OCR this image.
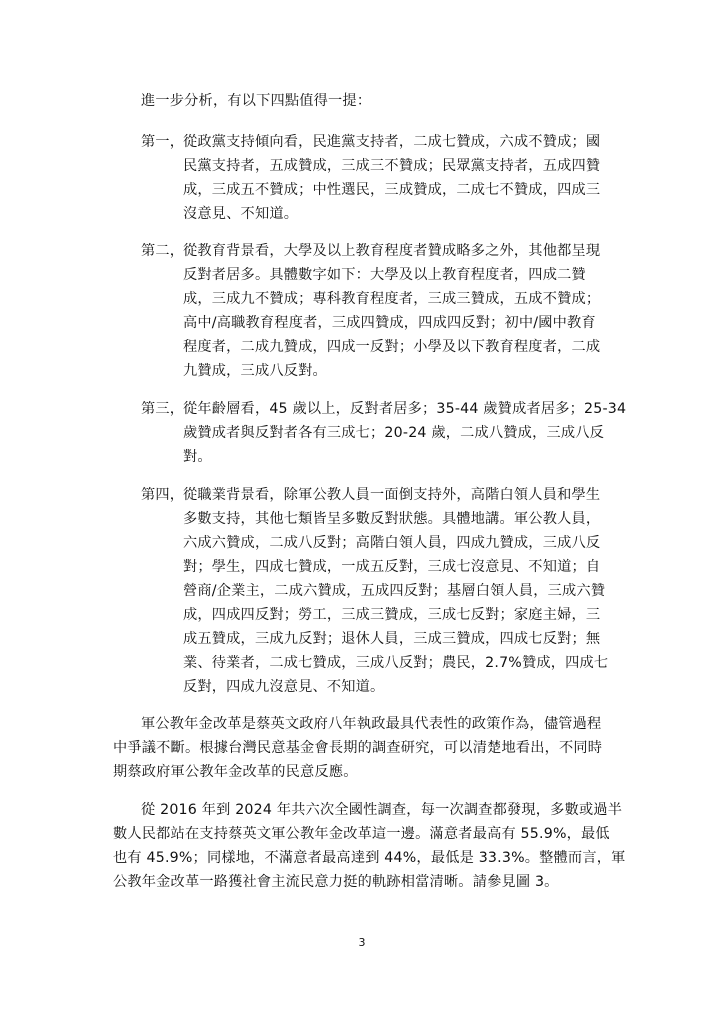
進一步分析，有以下四點值得一提：
第一，
從政黨支持傾向看，民進黨支持者，二成七贊成，六成不贊成；國
民黨支持者，五成贊成，三成三不贊成；民眾黨支持者，五成四贊
成，三成五不贊成；中性選民，三成贊成，二成七不贊成，四成三
沒意見、不知道。
第二，
從教育背景看，大學及以上教育程度者贊成略多之外，其他都呈現
反對者居多。具體數字如下：大學及以上教育程度者，四成二贊
成，三成九不贊成；專科教育程度者，三成三贊成，五成不贊成；
高中/高職教育程度者，三成四贊成，四成四反對；初中/國中教育
程度者，二成九贊成，四成一反對；小學及以下教育程度者，二成
九贊成，三成八反對。
第三，
從年齡層看，45 歲以上，反對者居多；35-44 歲贊成者居多；25-34
歲贊成者與反對者各有三成七；20-24 歲，二成八贊成，三成八反
對。
第四，
從職業背景看，除軍公教人員一面倒支持外，高階白領人員和學生
多數支持，其他七類皆呈多數反對狀態。具體地講。軍公教人員，
六成六贊成，二成八反對；高階白領人員，四成九贊成，三成八反
對；學生，四成七贊成，一成五反對，三成七沒意見、不知道；自
營商/企業主，二成六贊成，五成四反對；基層白領人員，三成六贊
成，四成四反對；勞工，三成三贊成，三成七反對；家庭主婦，三
成五贊成，三成九反對；退休人員，三成三贊成，四成七反對；無
業、待業者，二成七贊成，三成八反對；農民，2.7%贊成，四成七
反對，四成九沒意見、不知道。
軍公教年金改革是蔡英文政府八年執政最具代表性的政策作為，儘管過程
中爭議不斷。根據台灣民意基金會長期的調查研究，可以清楚地看出，不同時
期蔡政府軍公教年金改革的民意反應。
從 2016 年到 2024 年共六次全國性調查，每一次調查都發現，多數或過半
數人民都站在支持蔡英文軍公教年金改革這一邊。滿意者最高有 55.9%，最低
也有 45.9%；同樣地，不滿意者最高達到 44%，最低是 33.3%。整體而言，軍
公教年金改革一路獲社會主流民意力挺的軌跡相當清晰。請參見圖 3。
3
